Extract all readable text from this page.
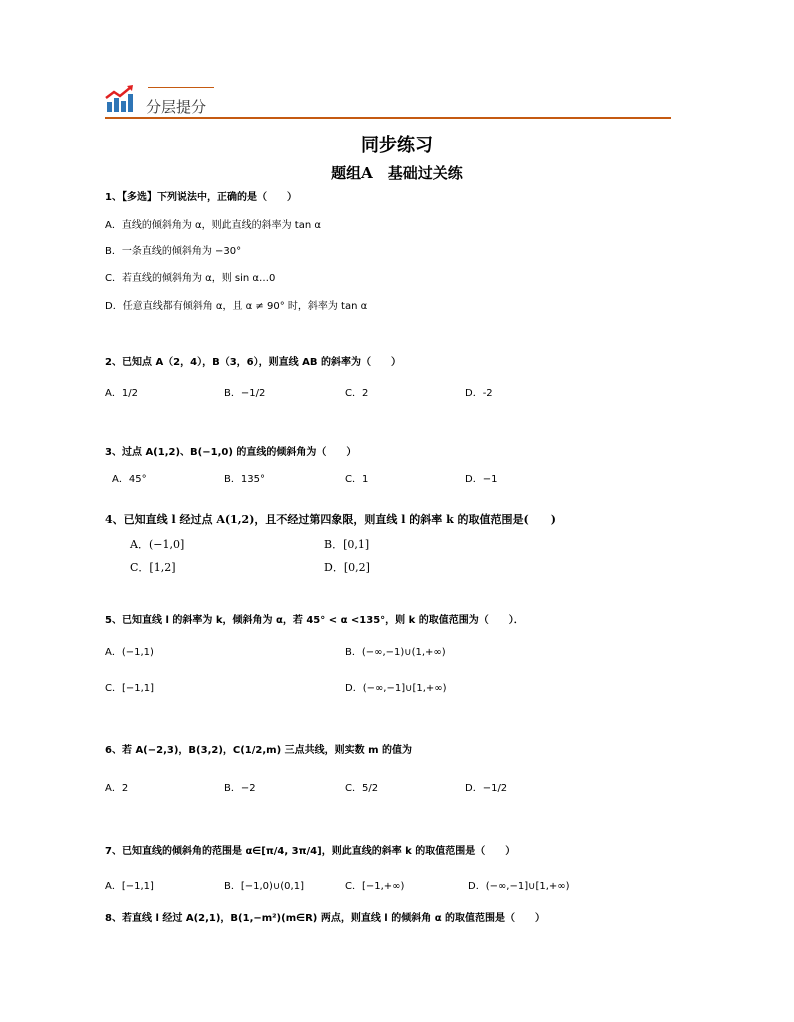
分层提分
同步练习
题组A　基础过关练
1、【多选】下列说法中，正确的是（　　）
A．直线的倾斜角为 α，则此直线的斜率为 tan α
B．一条直线的倾斜角为 −30°
C．若直线的倾斜角为 α，则 sin α…0
D．任意直线都有倾斜角 α，且 α ≠ 90° 时，斜率为 tan α
2、已知点 A（2，4），B（3，6），则直线 AB 的斜率为（　　）
A．1/2	B．−1/2	C．2	D．-2
3、过点 A(1,2)、B(−1,0) 的直线的倾斜角为（　　）
A．45°	B．135°	C．1	D．−1
4、已知直线 l 经过点 A(1,2)，且不经过第四象限，则直线 l 的斜率 k 的取值范围是(　　)
A．(−1,0]	B．[0,1]
C．[1,2]	D．[0,2]
5、已知直线 l 的斜率为 k，倾斜角为 α，若 45° < α <135°，则 k 的取值范围为（　　）．
A．(−1,1)	B．(−∞,−1)∪(1,+∞)
C．[−1,1]	D．(−∞,−1]∪[1,+∞)
6、若 A(−2,3)，B(3,2)，C(1/2,m) 三点共线，则实数 m 的值为
A．2	B．−2	C．5/2	D．−1/2
7、已知直线的倾斜角的范围是 α∈[π/4, 3π/4]，则此直线的斜率 k 的取值范围是（　　）
A．[−1,1]	B．[−1,0)∪(0,1]	C．[−1,+∞)	D．(−∞,−1]∪[1,+∞)
8、若直线 l 经过 A(2,1)，B(1,−m²)(m∈R) 两点，则直线 l 的倾斜角 α 的取值范围是（　　）
